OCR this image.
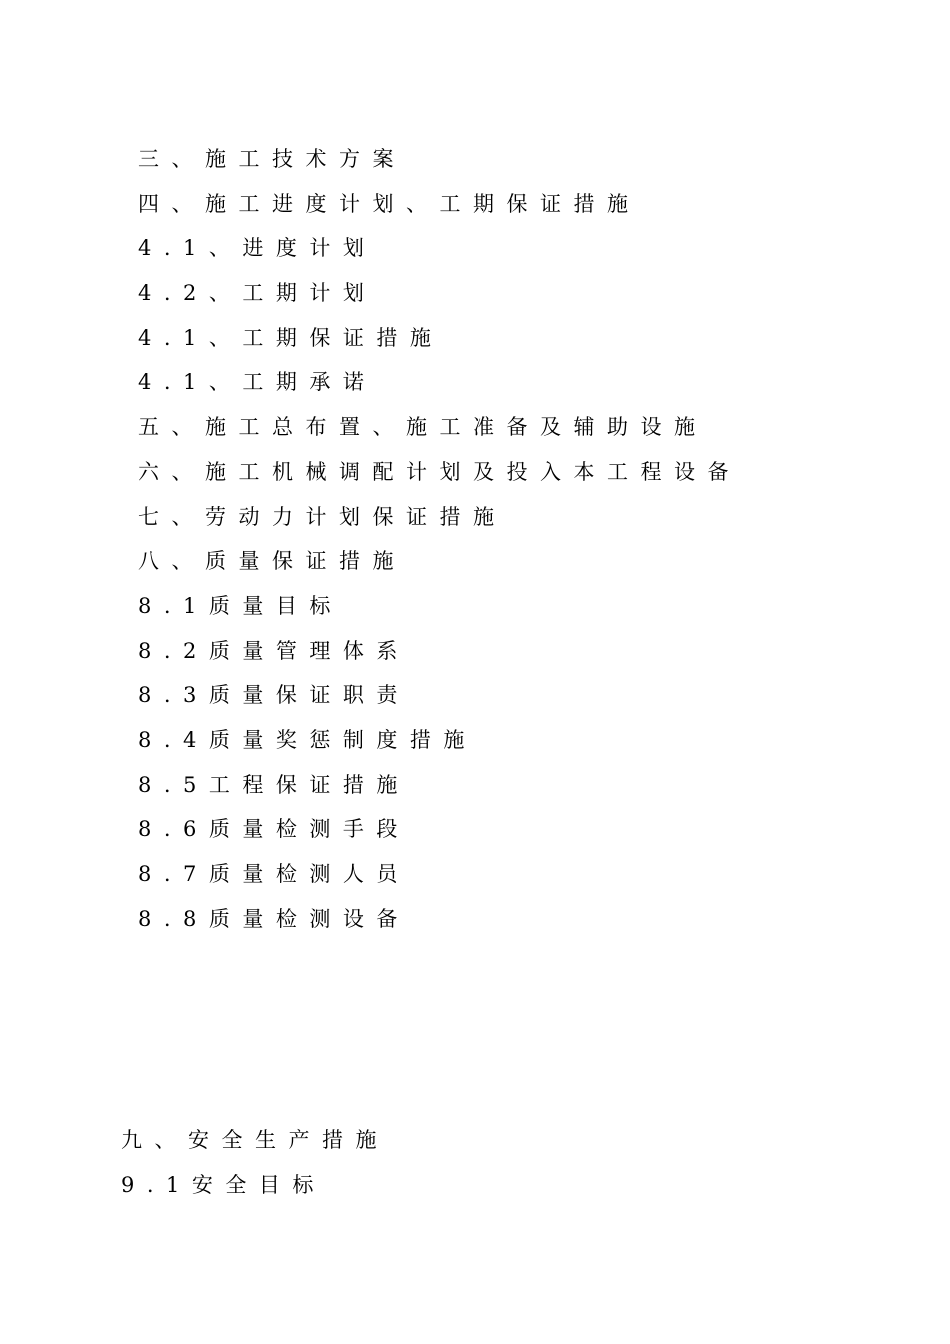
三、施工技术方案
四、施工进度计划、工期保证措施
4.1、进度计划
4.2、工期计划
4.1、工期保证措施
4.1、工期承诺
五、施工总布置、施工准备及辅助设施
六、施工机械调配计划及投入本工程设备
七、劳动力计划保证措施
八、质量保证措施
8.1质量目标
8.2质量管理体系
8.3质量保证职责
8.4质量奖惩制度措施
8.5工程保证措施
8.6质量检测手段
8.7质量检测人员
8.8质量检测设备
九、安全生产措施
9.1安全目标
